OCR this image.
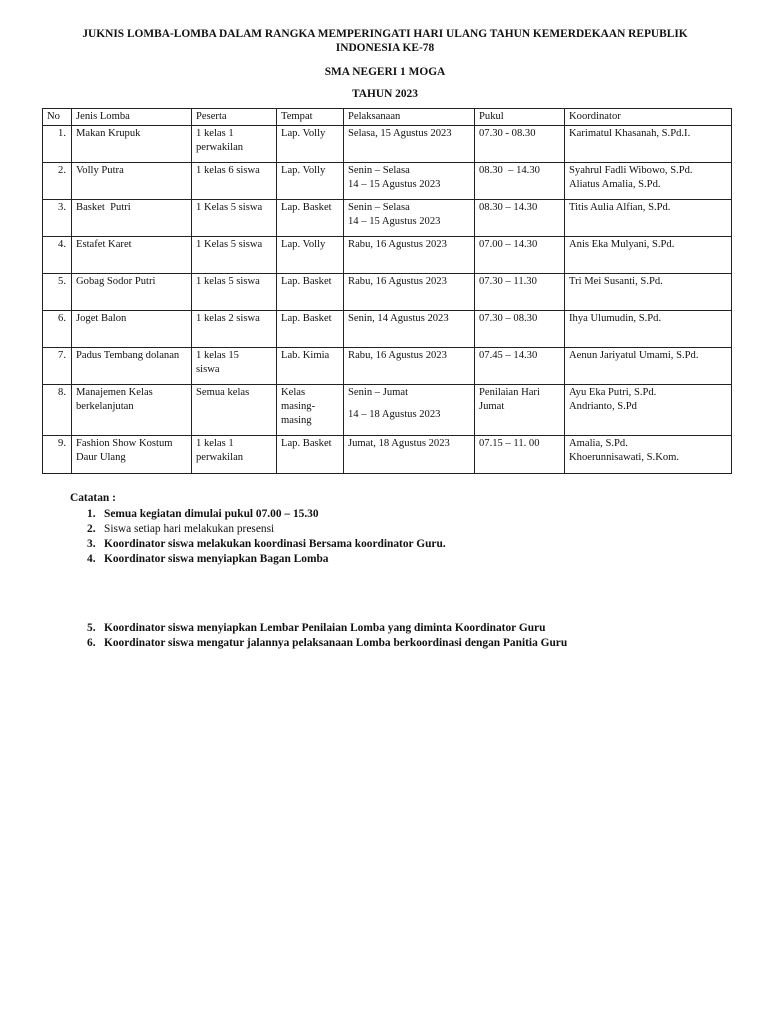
JUKNIS LOMBA-LOMBA DALAM RANGKA MEMPERINGATI HARI ULANG TAHUN KEMERDEKAAN REPUBLIK
INDONESIA KE-78
SMA NEGERI 1 MOGA
TAHUN 2023
No	Jenis Lomba	Peserta	Tempat	Pelaksanaan	Pukul	Koordinator
1.	Makan Krupuk	1 kelas 1
perwakilan	Lap. Volly	Selasa, 15 Agustus 2023	07.30 - 08.30	Karimatul Khasanah, S.Pd.I.
2.	Volly Putra	1 kelas 6 siswa	Lap. Volly	Senin – Selasa
14 – 15 Agustus 2023	08.30  – 14.30	Syahrul Fadli Wibowo, S.Pd.
Aliatus Amalia, S.Pd.

3.	Basket  Putri	1 Kelas 5 siswa	Lap. Basket	Senin – Selasa
14 – 15 Agustus 2023	08.30 – 14.30	Titis Aulia Alfian, S.Pd.
4.	Estafet Karet	1 Kelas 5 siswa	Lap. Volly	Rabu, 16 Agustus 2023	07.00 – 14.30	Anis Eka Mulyani, S.Pd.
5.	Gobag Sodor Putri	1 kelas 5 siswa	Lap. Basket	Rabu, 16 Agustus 2023	07.30 – 11.30	Tri Mei Susanti, S.Pd.
6.	Joget Balon	1 kelas 2 siswa	Lap. Basket	Senin, 14 Agustus 2023	07.30 – 08.30	Ihya Ulumudin, S.Pd.
7.	Padus Tembang dolanan	1 kelas 15
siswa	Lab. Kimia	Rabu, 16 Agustus 2023	07.45 – 14.30	Aenun Jariyatul Umami, S.Pd.
8.	Manajemen Kelas berkelanjutan	Semua kelas	Kelas
masing-
masing	Senin – Jumat
14 – 18 Agustus 2023	Penilaian Hari
Jumat	Ayu Eka Putri, S.Pd.
Andrianto, S.Pd

9.	Fashion Show Kostum Daur Ulang	1 kelas 1
perwakilan	Lap. Basket	Jumat, 18 Agustus 2023	07.15 – 11. 00	Amalia, S.Pd.
Khoerunnisawati, S.Kom.
Catatan :
1. Semua kegiatan dimulai pukul 07.00 – 15.30
2. Siswa setiap hari melakukan presensi
3. Koordinator siswa melakukan koordinasi Bersama koordinator Guru.
4. Koordinator siswa menyiapkan Bagan Lomba
5. Koordinator siswa menyiapkan Lembar Penilaian Lomba yang diminta Koordinator Guru
6. Koordinator siswa mengatur jalannya pelaksanaan Lomba berkoordinasi dengan Panitia Guru
